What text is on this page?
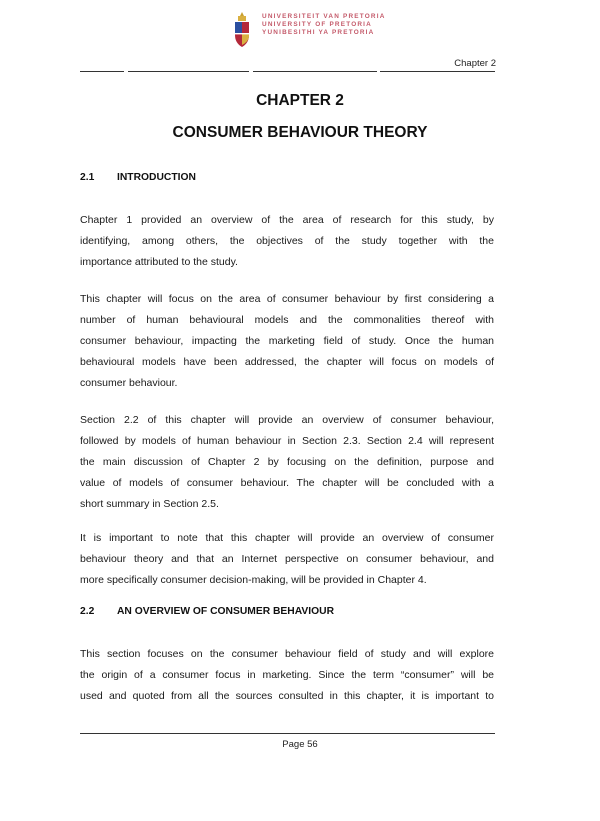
UNIVERSITEIT VAN PRETORIA
UNIVERSITY OF PRETORIA
YUNIBESITHI YA PRETORIA
Chapter 2
CHAPTER 2
CONSUMER BEHAVIOUR THEORY
2.1 INTRODUCTION
Chapter 1 provided an overview of the area of research for this study, by
identifying, among others, the objectives of the study together with the
importance attributed to the study.
This chapter will focus on the area of consumer behaviour by first considering a
number of human behavioural models and the commonalities thereof with
consumer behaviour, impacting the marketing field of study. Once the human
behavioural models have been addressed, the chapter will focus on models of
consumer behaviour.
Section 2.2 of this chapter will provide an overview of consumer behaviour,
followed by models of human behaviour in Section 2.3. Section 2.4 will represent
the main discussion of Chapter 2 by focusing on the definition, purpose and
value of models of consumer behaviour. The chapter will be concluded with a
short summary in Section 2.5.
It is important to note that this chapter will provide an overview of consumer
behaviour theory and that an Internet perspective on consumer behaviour, and
more specifically consumer decision-making, will be provided in Chapter 4.
2.2 AN OVERVIEW OF CONSUMER BEHAVIOUR
This section focuses on the consumer behaviour field of study and will explore
the origin of a consumer focus in marketing. Since the term “consumer” will be
used and quoted from all the sources consulted in this chapter, it is important to
Page 56
